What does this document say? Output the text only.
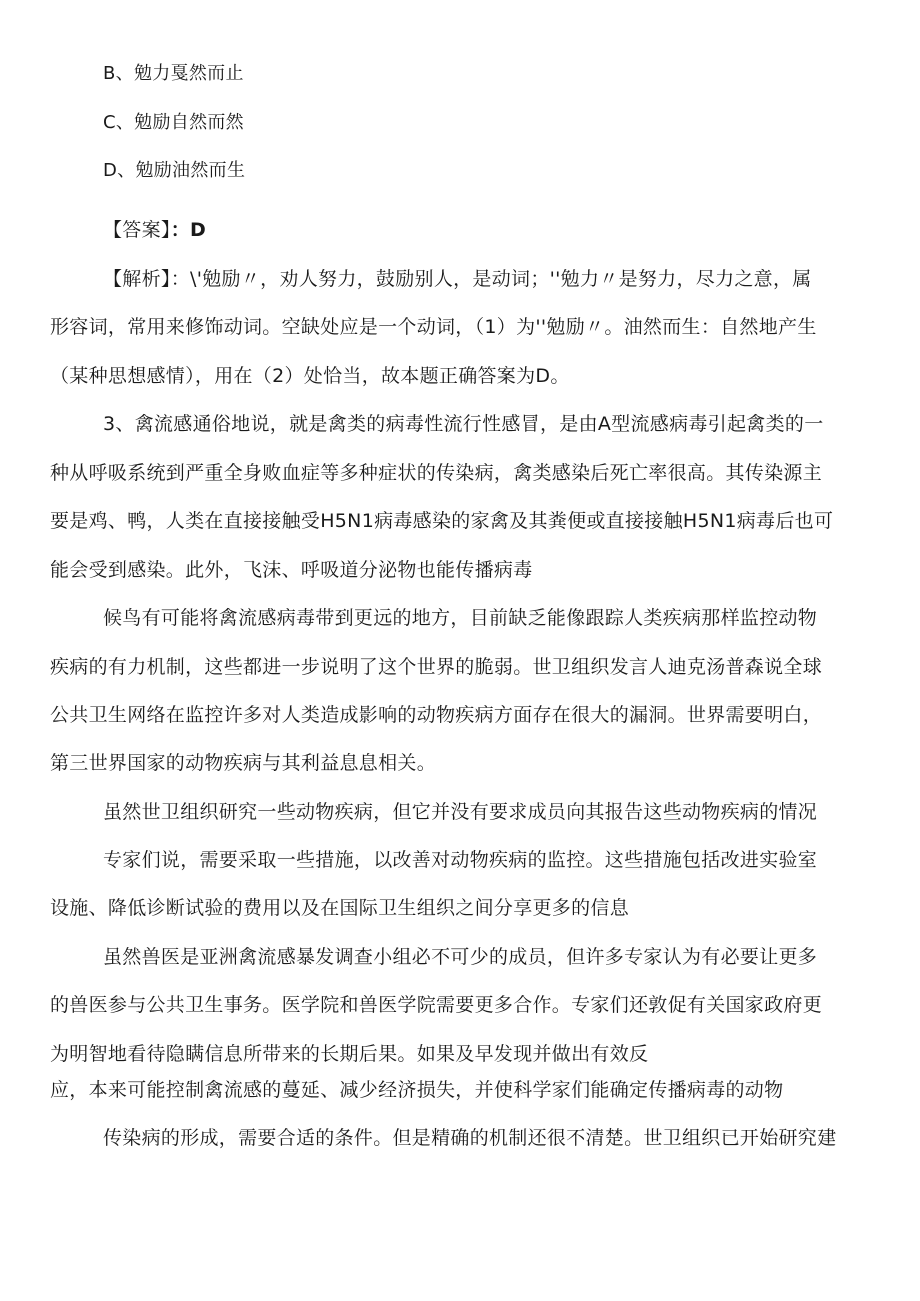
B、勉力戛然而止
C、勉励自然而然
D、勉励油然而生
【答案】：D
【解析】：\'勉励〃，劝人努力，鼓励别人，是动词；''勉力〃是努力，尽力之意，属
形容词，常用来修饰动词。空缺处应是一个动词，（1）为''勉励〃。油然而生：自然地产生
（某种思想感情），用在（2）处恰当，故本题正确答案为D。
3、禽流感通俗地说，就是禽类的病毒性流行性感冒，是由A型流感病毒引起禽类的一
种从呼吸系统到严重全身败血症等多种症状的传染病，禽类感染后死亡率很高。其传染源主
要是鸡、鸭，人类在直接接触受H5N1病毒感染的家禽及其粪便或直接接触H5N1病毒后也可
能会受到感染。此外，飞沫、呼吸道分泌物也能传播病毒
候鸟有可能将禽流感病毒带到更远的地方，目前缺乏能像跟踪人类疾病那样监控动物
疾病的有力机制，这些都进一步说明了这个世界的脆弱。世卫组织发言人迪克汤普森说全球
公共卫生网络在监控许多对人类造成影响的动物疾病方面存在很大的漏洞。世界需要明白，
第三世界国家的动物疾病与其利益息息相关。
虽然世卫组织研究一些动物疾病，但它并没有要求成员向其报告这些动物疾病的情况
专家们说，需要采取一些措施，以改善对动物疾病的监控。这些措施包括改进实验室
设施、降低诊断试验的费用以及在国际卫生组织之间分享更多的信息
虽然兽医是亚洲禽流感暴发调查小组必不可少的成员，但许多专家认为有必要让更多
的兽医参与公共卫生事务。医学院和兽医学院需要更多合作。专家们还敦促有关国家政府更
为明智地看待隐瞒信息所带来的长期后果。如果及早发现并做出有效反
应，本来可能控制禽流感的蔓延、减少经济损失，并使科学家们能确定传播病毒的动物
传染病的形成，需要合适的条件。但是精确的机制还很不清楚。世卫组织已开始研究建
